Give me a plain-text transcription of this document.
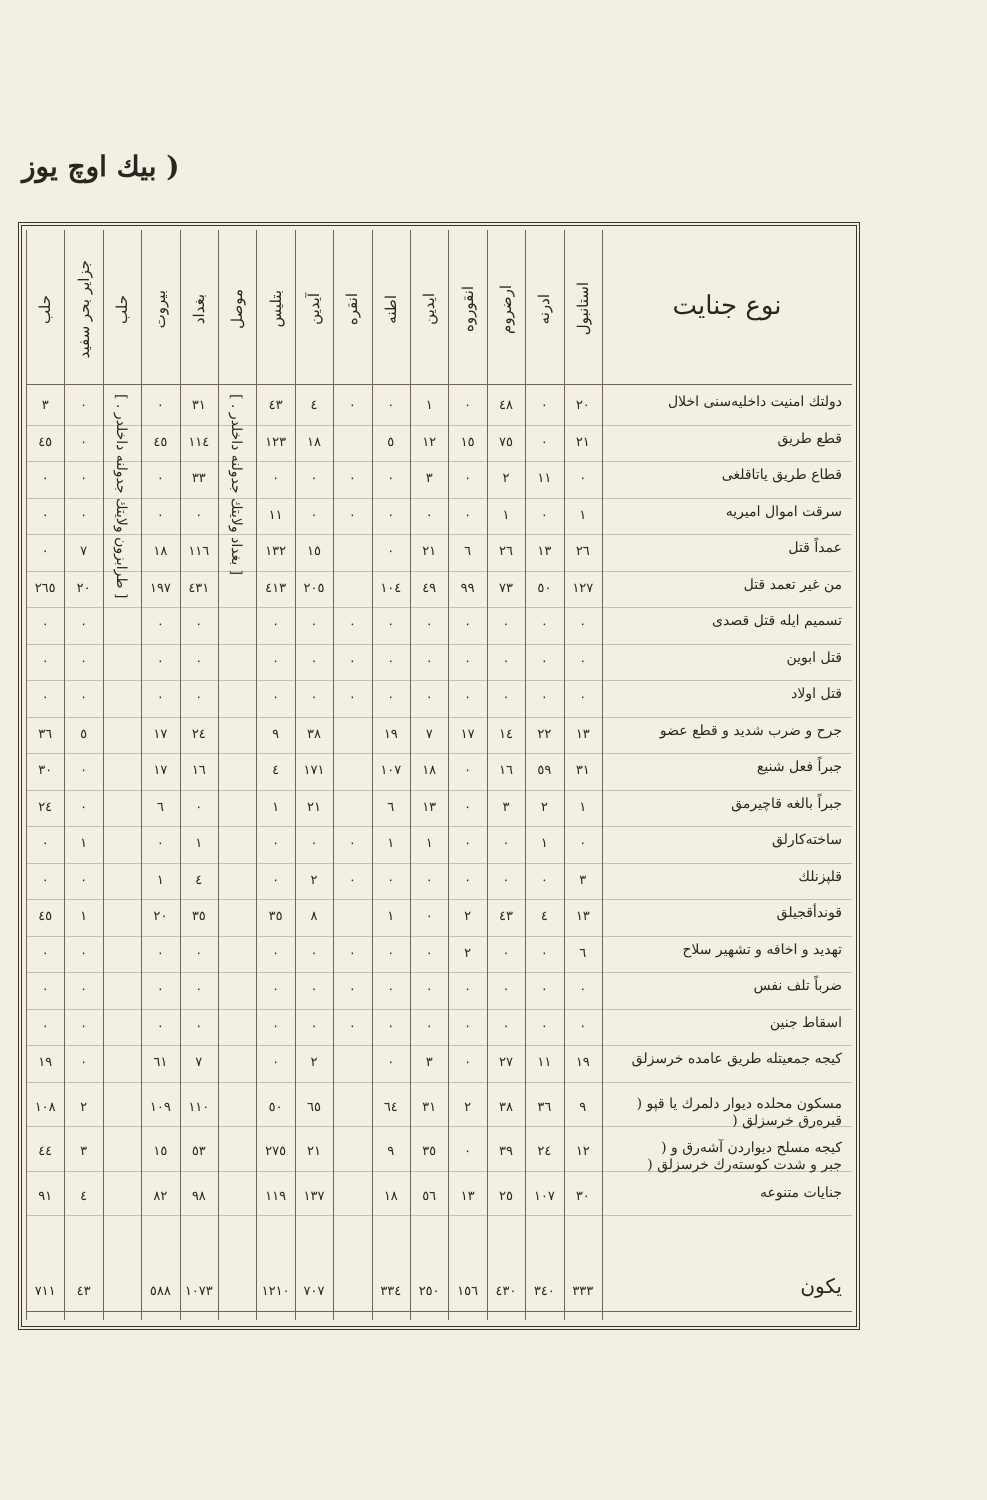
( بيك اوچ يوز
نوع جنايت
استانبول
ادرنه
ارضروم
انقوروه
ايدين
اطنه
انقره
آيدين
بتليس
موصل
بغداد
بيروت
حلب
جزاير بحر سفيد
حلب
دولتك امنيت داخليه‌سنى اخلال
٢٠
٠
٤٨
٠
١
٠
٠
٤
٤٣
٣١
٠
٠
٣
قطع طريق
٢١
٠
٧٥
١٥
١٢
٥
١٨
١٢٣
١١٤
٤٥
٠
٤٥
قطاع طريق ياتاقلغى
٠
١١
٢
٠
٣
٠
٠
٠
٠
٣٣
٠
٠
٠
سرقت اموال اميريه
١
٠
١
٠
٠
٠
٠
٠
١١
٠
٠
٠
٠
عمداً قتل
٢٦
١٣
٢٦
٦
٢١
٠
١٥
١٣٢
١١٦
١٨
٧
٠
من غير تعمد قتل
١٢٧
٥٠
٧٣
٩٩
٤٩
١٠٤
٢٠٥
٤١٣
٤٣١
١٩٧
٢٠
٢٦٥
تسميم ايله قتل قصدى
٠
٠
٠
٠
٠
٠
٠
٠
٠
٠
٠
٠
٠
قتل ابوين
٠
٠
٠
٠
٠
٠
٠
٠
٠
٠
٠
٠
٠
قتل اولاد
٠
٠
٠
٠
٠
٠
٠
٠
٠
٠
٠
٠
٠
جرح و ضرب شديد و قطع عضو
١٣
٢٢
١٤
١٧
٧
١٩
٣٨
٩
٢٤
١٧
٥
٣٦
جبراً فعل شنيع
٣١
٥٩
١٦
٠
١٨
١٠٧
١٧١
٤
١٦
١٧
٠
٣٠
جبراً بالغه قاچيرمق
١
٢
٣
٠
١٣
٦
٢١
١
٠
٦
٠
٢٤
ساخته‌كارلق
٠
١
٠
٠
١
١
٠
٠
٠
١
٠
١
٠
قلپزنلك
٣
٠
٠
٠
٠
٠
٠
٢
٠
٤
١
٠
٠
قوندأقجيلق
١٣
٤
٤٣
٢
٠
١
٨
٣٥
٣٥
٢٠
١
٤٥
تهديد و اخافه و تشهير سلاح
٦
٠
٠
٢
٠
٠
٠
٠
٠
٠
٠
٠
٠
ضرباً تلف نفس
٠
٠
٠
٠
٠
٠
٠
٠
٠
٠
٠
٠
٠
اسقاط جنين
٠
٠
٠
٠
٠
٠
٠
٠
٠
٠
٠
٠
٠
كيجه جمعيتله طريق عامده خرسزلق
١٩
١١
٢٧
٠
٣
٠
٢
٠
٧
٦١
٠
١٩
مسكون محلده ديوار دلمرك يا قپو (
قيرەرق خرسزلق (
٩
٣٦
٣٨
٢
٣١
٦٤
٦٥
٥٠
١١٠
١٠٩
٢
١٠٨
كيجه مسلح ديواردن آشەرق و (
جبر و شدت كوستەرك خرسزلق (
١٢
٢٤
٣٩
٠
٣٥
٩
٢١
٢٧٥
٥٣
١٥
٣
٤٤
جنايات متنوعه
٣٠
١٠٧
٢٥
١٣
٥٦
١٨
١٣٧
١١٩
٩٨
٨٢
٤
٩١
يكون
٣٣٣
٣٤٠
٤٣٠
١٥٦
٢٥٠
٣٣٤
٧٠٧
١٢١٠
١٠٧٣
٥٨٨
٤٣
٧١١
[ بغداد ولايتك جدولنه داخلدر . ]
[ طرابزون ولايتك جدولنه داخلدر . ]
